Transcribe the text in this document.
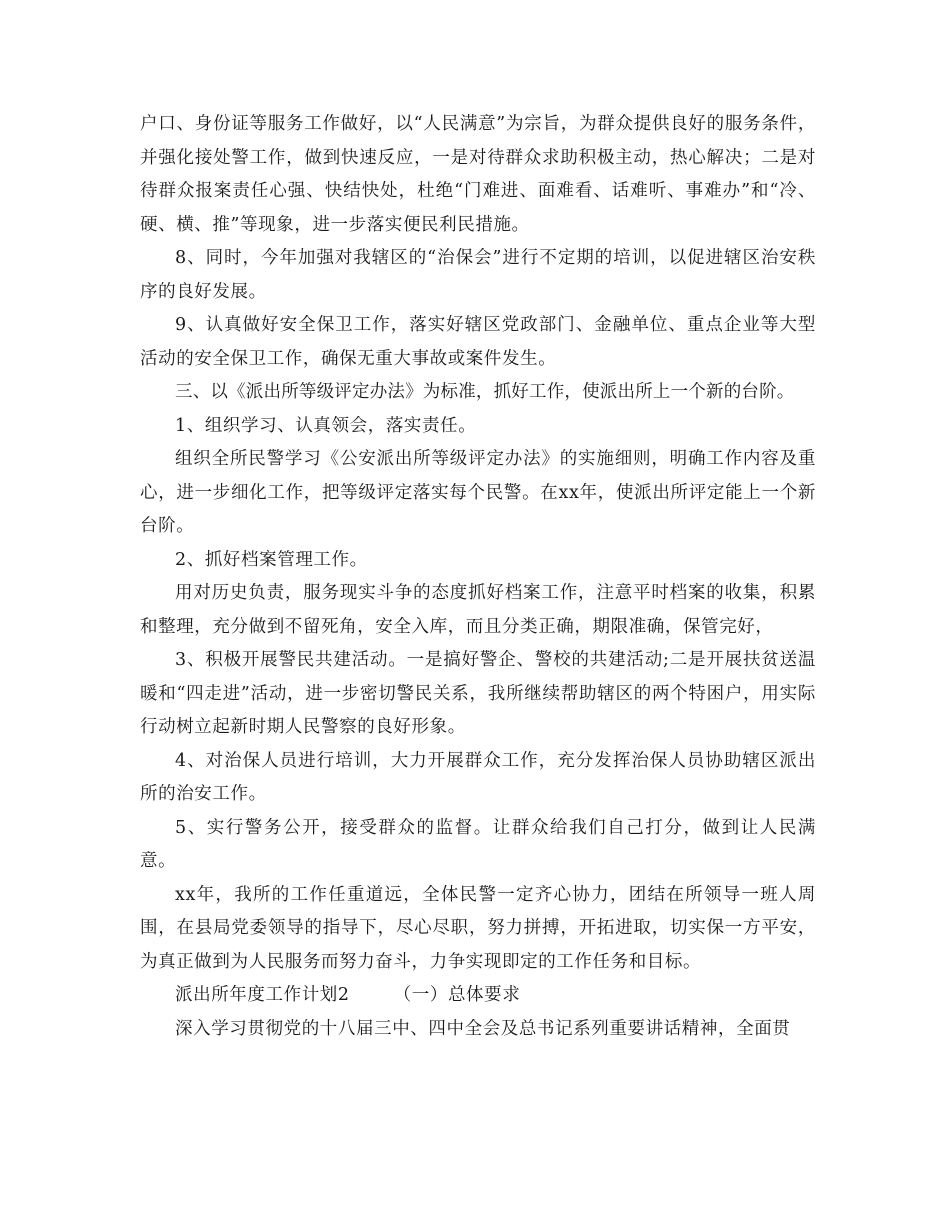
户口、身份证等服务工作做好，以“人民满意”为宗旨，为群众提供良好的服务条件，并强化接处警工作，做到快速反应，一是对待群众求助积极主动，热心解决；二是对待群众报案责任心强、快结快处，杜绝“门难进、面难看、话难听、事难办”和“冷、硬、横、推”等现象，进一步落实便民利民措施。

8、同时，今年加强对我辖区的“治保会”进行不定期的培训，以促进辖区治安秩序的良好发展。

9、认真做好安全保卫工作，落实好辖区党政部门、金融单位、重点企业等大型活动的安全保卫工作，确保无重大事故或案件发生。

三、以《派出所等级评定办法》为标准，抓好工作，使派出所上一个新的台阶。

1、组织学习、认真领会，落实责任。

组织全所民警学习《公安派出所等级评定办法》的实施细则，明确工作内容及重心，进一步细化工作，把等级评定落实每个民警。在xx年，使派出所评定能上一个新台阶。

2、抓好档案管理工作。

用对历史负责，服务现实斗争的态度抓好档案工作，注意平时档案的收集，积累和整理，充分做到不留死角，安全入库，而且分类正确，期限准确，保管完好，

3、积极开展警民共建活动。一是搞好警企、警校的共建活动;二是开展扶贫送温暖和“四走进”活动，进一步密切警民关系，我所继续帮助辖区的两个特困户，用实际行动树立起新时期人民警察的良好形象。

4、对治保人员进行培训，大力开展群众工作，充分发挥治保人员协助辖区派出所的治安工作。

5、实行警务公开，接受群众的监督。让群众给我们自己打分，做到让人民满意。

xx年，我所的工作任重道远，全体民警一定齐心协力，团结在所领导一班人周围，在县局党委领导的指导下，尽心尽职，努力拼搏，开拓进取，切实保一方平安，为真正做到为人民服务而努力奋斗，力争实现即定的工作任务和目标。

派出所年度工作计划2	（一）总体要求

深入学习贯彻党的十八届三中、四中全会及总书记系列重要讲话精神，全面贯
